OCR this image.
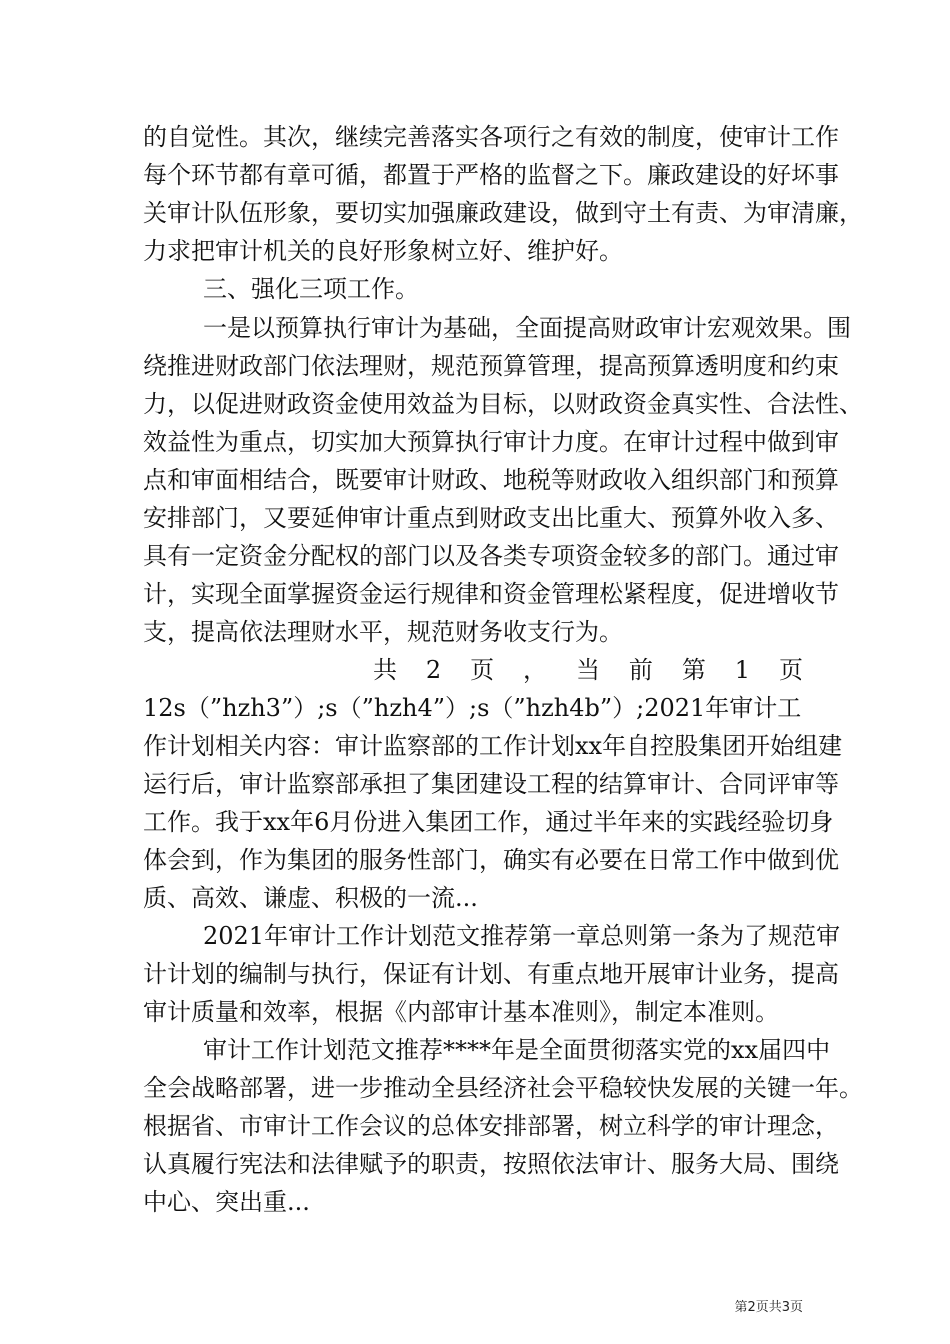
的自觉性。其次，继续完善落实各项行之有效的制度，使审计工作
每个环节都有章可循，都置于严格的监督之下。廉政建设的好坏事
关审计队伍形象，要切实加强廉政建设，做到守土有责、为审清廉，
力求把审计机关的良好形象树立好、维护好。
三、强化三项工作。
一是以预算执行审计为基础，全面提高财政审计宏观效果。围
绕推进财政部门依法理财，规范预算管理，提高预算透明度和约束
力，以促进财政资金使用效益为目标，以财政资金真实性、合法性、
效益性为重点，切实加大预算执行审计力度。在审计过程中做到审
点和审面相结合，既要审计财政、地税等财政收入组织部门和预算
安排部门，又要延伸审计重点到财政支出比重大、预算外收入多、
具有一定资金分配权的部门以及各类专项资金较多的部门。通过审
计，实现全面掌握资金运行规律和资金管理松紧程度，促进增收节
支，提高依法理财水平，规范财务收支行为。
共 2 页 ， 当 前 第 1 页
12s（”hzh3”）;s（”hzh4”）;s（”hzh4b”）;2021年审计工
作计划相关内容：审计监察部的工作计划xx年自控股集团开始组建
运行后，审计监察部承担了集团建设工程的结算审计、合同评审等
工作。我于xx年6月份进入集团工作，通过半年来的实践经验切身
体会到，作为集团的服务性部门，确实有必要在日常工作中做到优
质、高效、谦虚、积极的一流...
2021年审计工作计划范文推荐第一章总则第一条为了规范审
计计划的编制与执行，保证有计划、有重点地开展审计业务，提高
审计质量和效率，根据《内部审计基本准则》，制定本准则。
审计工作计划范文推荐****年是全面贯彻落实党的xx届四中
全会战略部署，进一步推动全县经济社会平稳较快发展的关键一年。
根据省、市审计工作会议的总体安排部署，树立科学的审计理念，
认真履行宪法和法律赋予的职责，按照依法审计、服务大局、围绕
中心、突出重...
第2页共3页
